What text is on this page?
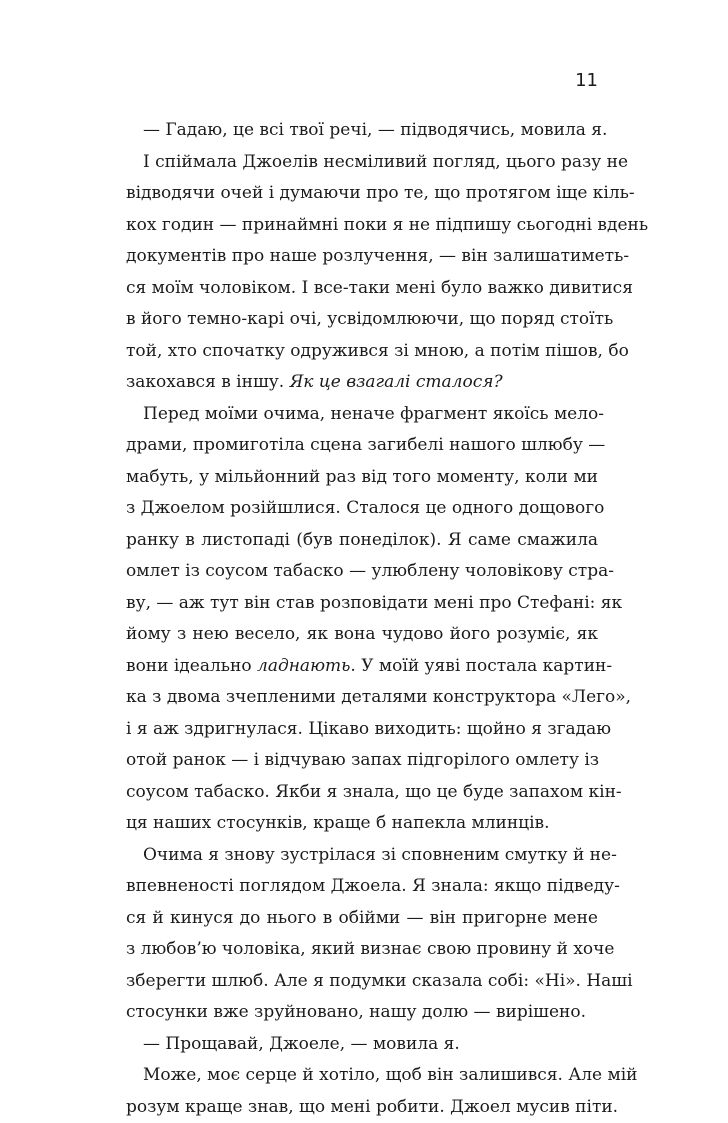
11
— Гадаю, це всі твої речі, — підводячись, мовила я.
І спіймала Джоелів несміливий погляд, цього разу не
відводячи очей і думаючи про те, що протягом іще кіль-
кох годин — принаймні поки я не підпишу сьогодні вдень
документів про наше розлучення, — він залишатиметь-
ся моїм чоловіком. І все-таки мені було важко дивитися
в його темно-карі очі, усвідомлюючи, що поряд стоїть
той, хто спочатку одружився зі мною, а потім пішов, бо
закохався в іншу. Як це взагалі сталося?
Перед моїми очима, неначе фрагмент якоїсь мело-
драми, промиготіла сцена загибелі нашого шлюбу —
мабуть, у мільйонний раз від того моменту, коли ми
з Джоелом розійшлися. Сталося це одного дощового
ранку в листопаді (був понеділок). Я саме смажила
омлет із соусом табаско — улюблену чоловікову стра-
ву, — аж тут він став розповідати мені про Стефані: як
йому з нею весело, як вона чудово його розуміє, як
вони ідеально ладнають. У моїй уяві постала картин-
ка з двома зчепленими деталями конструктора «Лего»,
і я аж здригнулася. Цікаво виходить: щойно я згадаю
отой ранок — і відчуваю запах підгорілого омлету із
соусом табаско. Якби я знала, що це буде запахом кін-
ця наших стосунків, краще б напекла млинців.
Очима я знову зустрілася зі сповненим смутку й не-
впевненості поглядом Джоела. Я знала: якщо підведу-
ся й кинуся до нього в обійми — він пригорне мене
з любов’ю чоловіка, який визнає свою провину й хоче
зберегти шлюб. Але я подумки сказала собі: «Ні». Наші
стосунки вже зруйновано, нашу долю — вирішено.
— Прощавай, Джоеле, — мовила я.
Може, моє серце й хотіло, щоб він залишився. Але мій
розум краще знав, що мені робити. Джоел мусив піти.
